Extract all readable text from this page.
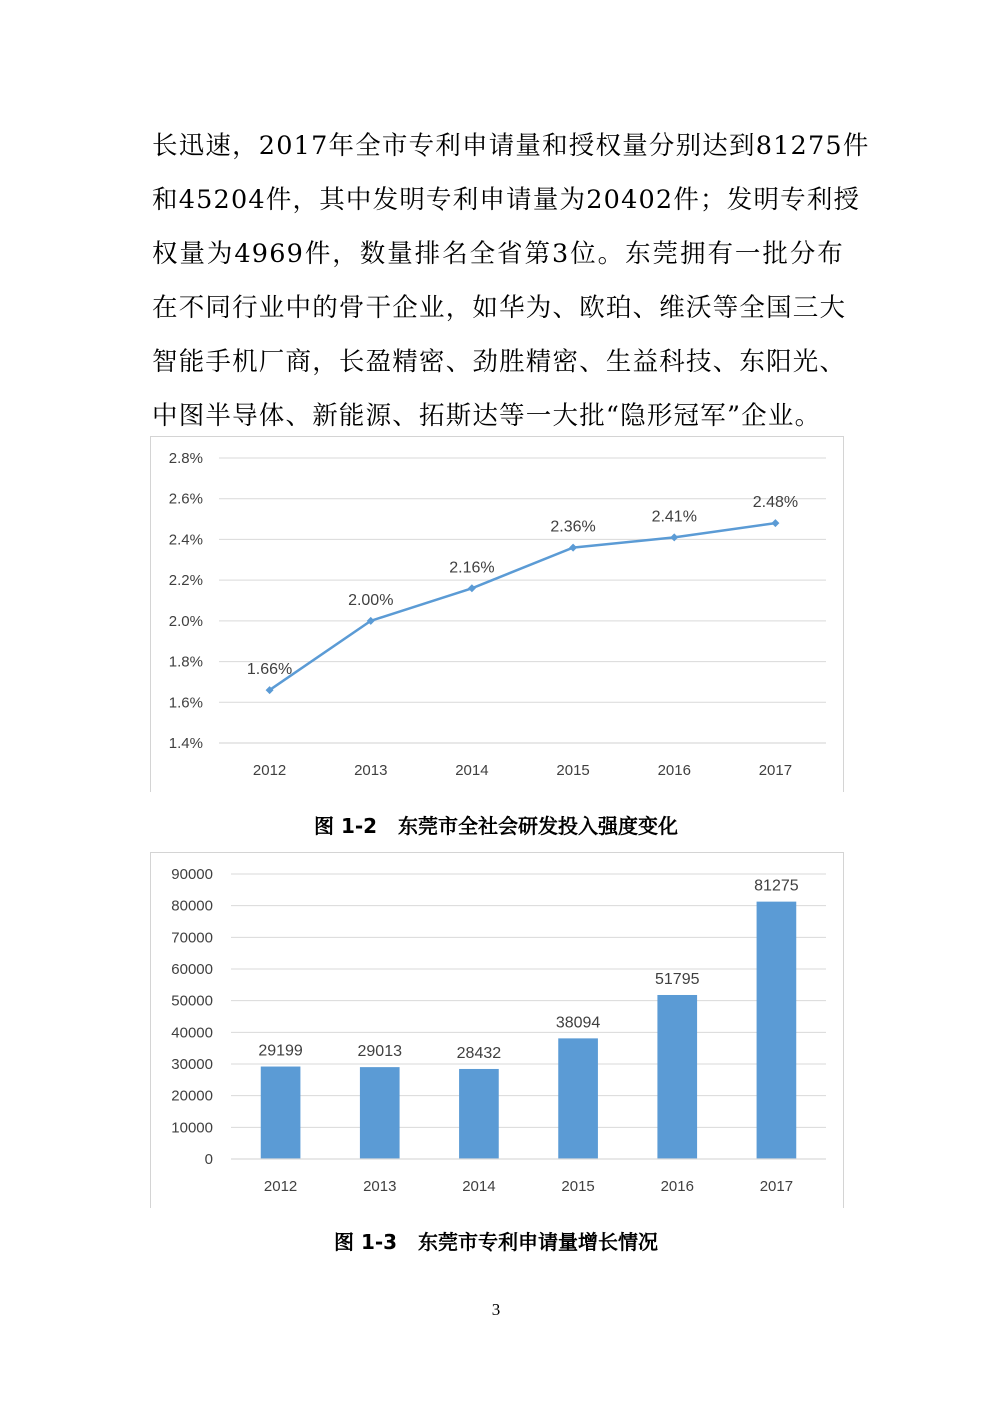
长迅速，2017年全市专利申请量和授权量分别达到81275件
和45204件，其中发明专利申请量为20402件；发明专利授
权量为4969件，数量排名全省第3位。东莞拥有一批分布
在不同行业中的骨干企业，如华为、欧珀、维沃等全国三大
智能手机厂商，长盈精密、劲胜精密、生益科技、东阳光、
中图半导体、新能源、拓斯达等一大批“隐形冠军”企业。
1.4%
1.6%
1.8%
2.0%
2.2%
2.4%
2.6%
2.8%
2012	2013	2014	2015	2016	2017
1.66%
2.00%
2.16%
2.36%
2.41%
2.48%
图 1-2 东莞市全社会研发投入强度变化
0
10000
20000
30000
40000
50000
60000
70000
80000
90000
2012	2013	2014	2015	2016	2017
29199	29013	28432
38094
51795
81275
图 1-3 东莞市专利申请量增长情况
3
